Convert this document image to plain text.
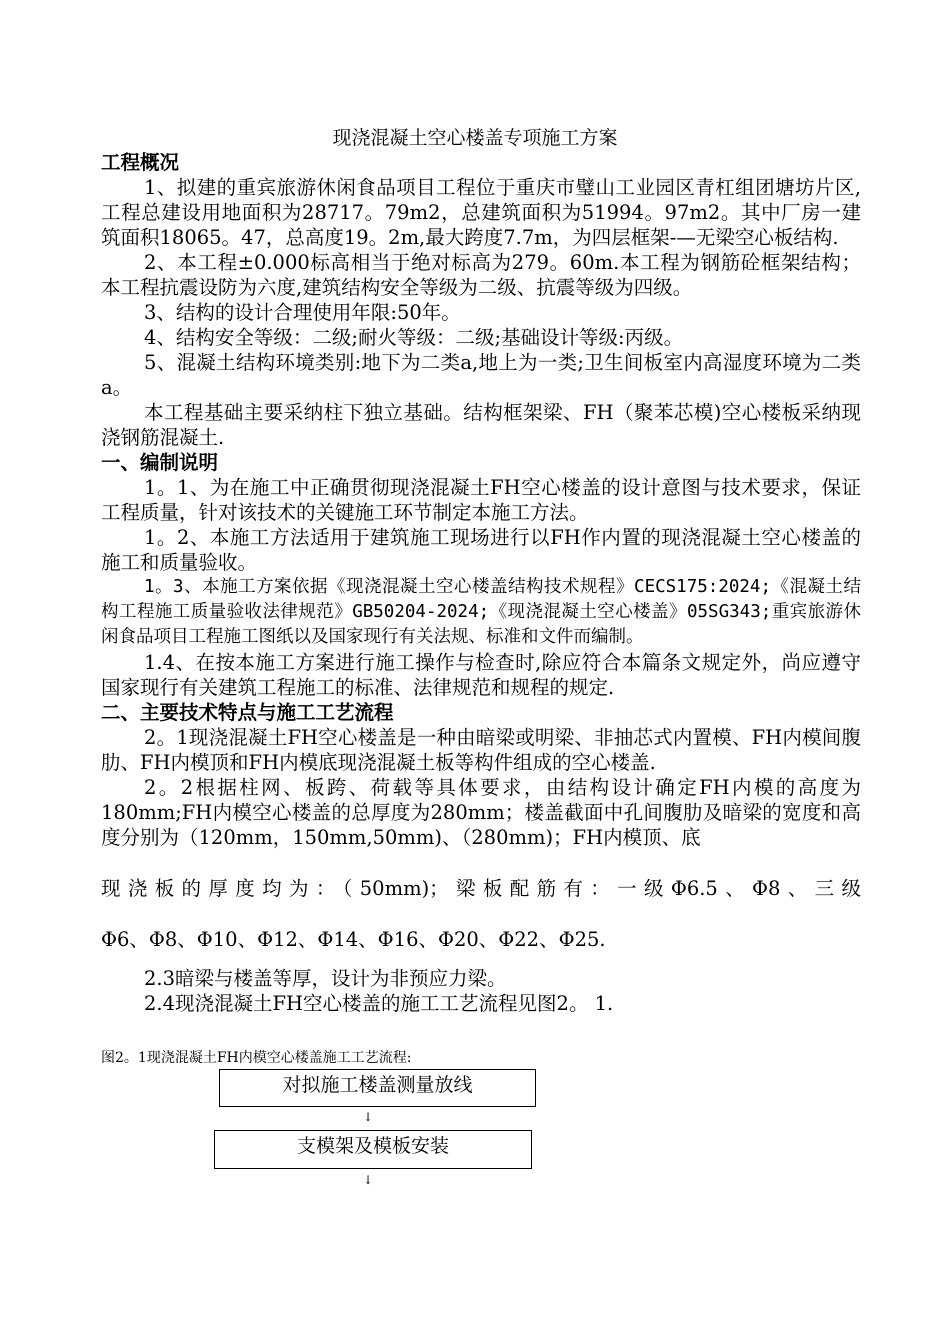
现浇混凝土空心楼盖专项施工方案
工程概况

1、拟建的重宾旅游休闲食品项目工程位于重庆市璧山工业园区青杠组团塘坊片区,工程总建设用地面积为28717。79m2，总建筑面积为51994。97m2。其中厂房一建筑面积18065。47，总高度19。2m,最大跨度7.7m，为四层框架-—无梁空心板结构.

2、本工程±0.000标高相当于绝对标高为279。60m.本工程为钢筋砼框架结构；本工程抗震设防为六度,建筑结构安全等级为二级、抗震等级为四级。

3、结构的设计合理使用年限:50年。

4、结构安全等级：二级;耐火等级：二级;基础设计等级:丙级。

5、混凝土结构环境类别:地下为二类a,地上为一类;卫生间板室内高湿度环境为二类a。

本工程基础主要采纳柱下独立基础。结构框架梁、FH（聚苯芯模)空心楼板采纳现浇钢筋混凝土.

一、编制说明

1。1、为在施工中正确贯彻现浇混凝土FH空心楼盖的设计意图与技术要求，保证工程质量，针对该技术的关键施工环节制定本施工方法。

1。2、本施工方法适用于建筑施工现场进行以FH作内置的现浇混凝土空心楼盖的施工和质量验收。

1。3、本施工方案依据《现浇混凝土空心楼盖结构技术规程》CECS175:2024;《混凝土结构工程施工质量验收法律规范》GB50204-2024;《现浇混凝土空心楼盖》05SG343;重宾旅游休闲食品项目工程施工图纸以及国家现行有关法规、标准和文件而编制。

1.4、在按本施工方案进行施工操作与检查时,除应符合本篇条文规定外，尚应遵守国家现行有关建筑工程施工的标准、法律规范和规程的规定.

二、主要技术特点与施工工艺流程

2。1现浇混凝土FH空心楼盖是一种由暗梁或明梁、非抽芯式内置模、FH内模间腹肋、FH内模顶和FH内模底现浇混凝土板等构件组成的空心楼盖.

2。2根据柱网、板跨、荷载等具体要求，由结构设计确定FH内模的高度为180mm;FH内模空心楼盖的总厚度为280mm；楼盖截面中孔间腹肋及暗梁的宽度和高度分别为（120mm，150mm,50mm)、（280mm)；FH内模顶、底

现浇板的厚度均为：（50mm)；梁板配筋有：一级Φ6.5、Φ8、三级

Φ6、Φ8、Φ10、Φ12、Φ14、Φ16、Φ20、Φ22、Φ25.

2.3暗梁与楼盖等厚，设计为非预应力梁。

2.4现浇混凝土FH空心楼盖的施工工艺流程见图2。 1.

图2。1现浇混凝土FH内模空心楼盖施工工艺流程:
对拟施工楼盖测量放线
↓
支模架及模板安装
↓
